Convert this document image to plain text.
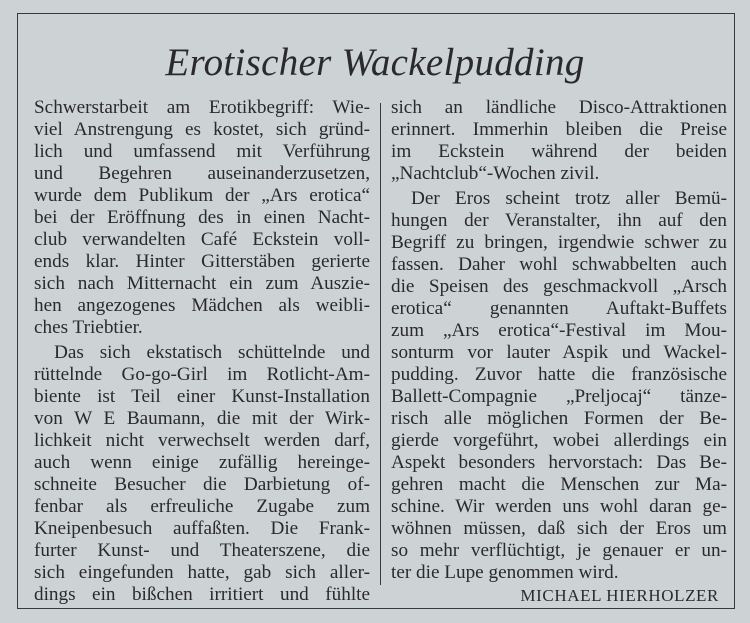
Erotischer Wackelpudding
Schwerstarbeit am Erotikbegriff: Wie-
viel Anstrengung es kostet, sich gründ-
lich und umfassend mit Verführung
und Begehren auseinanderzusetzen,
wurde dem Publikum der „Ars erotica“
bei der Eröffnung des in einen Nacht-
club verwandelten Café Eckstein voll-
ends klar. Hinter Gitterstäben gerierte
sich nach Mitternacht ein zum Auszie-
hen angezogenes Mädchen als weibli-
ches Triebtier.
Das sich ekstatisch schüttelnde und
rüttelnde Go-go-Girl im Rotlicht-Am-
biente ist Teil einer Kunst-Installation
von W E Baumann, die mit der Wirk-
lichkeit nicht verwechselt werden darf,
auch wenn einige zufällig hereinge-
schneite Besucher die Darbietung of-
fenbar als erfreuliche Zugabe zum
Kneipenbesuch auffaßten. Die Frank-
furter Kunst- und Theaterszene, die
sich eingefunden hatte, gab sich aller-
dings ein bißchen irritiert und fühlte
sich an ländliche Disco-Attraktionen
erinnert. Immerhin bleiben die Preise
im Eckstein während der beiden
„Nachtclub“-Wochen zivil.
Der Eros scheint trotz aller Bemü-
hungen der Veranstalter, ihn auf den
Begriff zu bringen, irgendwie schwer zu
fassen. Daher wohl schwabbelten auch
die Speisen des geschmackvoll „Arsch
erotica“ genannten Auftakt-Buffets
zum „Ars erotica“-Festival im Mou-
sonturm vor lauter Aspik und Wackel-
pudding. Zuvor hatte die französische
Ballett-Compagnie „Preljocaj“ tänze-
risch alle möglichen Formen der Be-
gierde vorgeführt, wobei allerdings ein
Aspekt besonders hervorstach: Das Be-
gehren macht die Menschen zur Ma-
schine. Wir werden uns wohl daran ge-
wöhnen müssen, daß sich der Eros um
so mehr verflüchtigt, je genauer er un-
ter die Lupe genommen wird.
MICHAEL HIERHOLZER
